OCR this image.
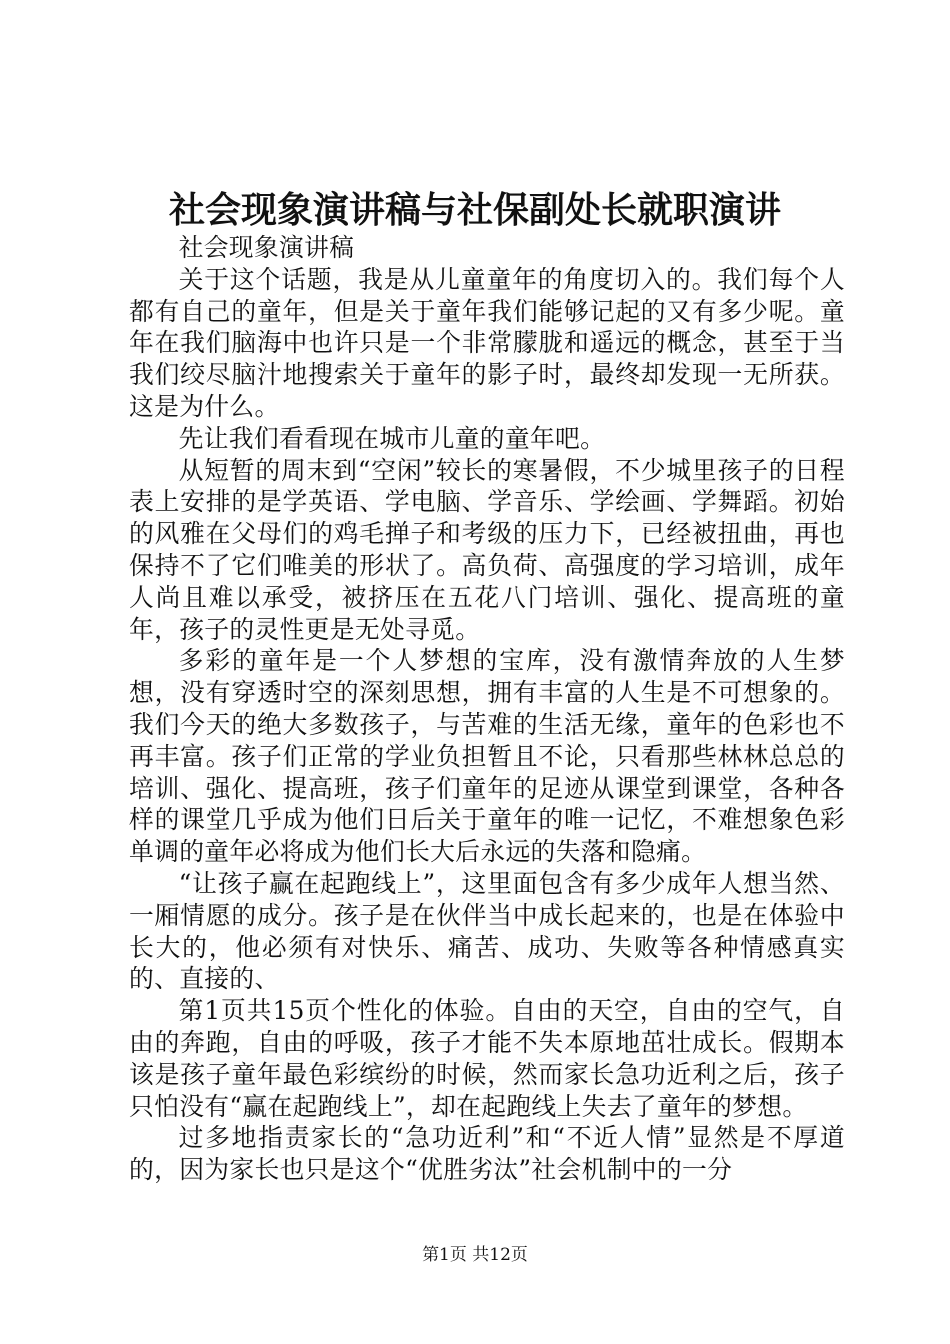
社会现象演讲稿与社保副处长就职演讲

社会现象演讲稿

关于这个话题，我是从儿童童年的角度切入的。我们每个人都有自己的童年，但是关于童年我们能够记起的又有多少呢。童年在我们脑海中也许只是一个非常朦胧和遥远的概念，甚至于当我们绞尽脑汁地搜索关于童年的影子时，最终却发现一无所获。这是为什么。

先让我们看看现在城市儿童的童年吧。

从短暂的周末到“空闲”较长的寒暑假，不少城里孩子的日程表上安排的是学英语、学电脑、学音乐、学绘画、学舞蹈。初始的风雅在父母们的鸡毛掸子和考级的压力下，已经被扭曲，再也保持不了它们唯美的形状了。高负荷、高强度的学习培训，成年人尚且难以承受，被挤压在五花八门培训、强化、提高班的童年，孩子的灵性更是无处寻觅。

多彩的童年是一个人梦想的宝库，没有激情奔放的人生梦想，没有穿透时空的深刻思想，拥有丰富的人生是不可想象的。我们今天的绝大多数孩子，与苦难的生活无缘，童年的色彩也不再丰富。孩子们正常的学业负担暂且不论，只看那些林林总总的培训、强化、提高班，孩子们童年的足迹从课堂到课堂，各种各样的课堂几乎成为他们日后关于童年的唯一记忆，不难想象色彩单调的童年必将成为他们长大后永远的失落和隐痛。

“让孩子赢在起跑线上”，这里面包含有多少成年人想当然、一厢情愿的成分。孩子是在伙伴当中成长起来的，也是在体验中长大的，他必须有对快乐、痛苦、成功、失败等各种情感真实的、直接的、

第1页共15页个性化的体验。自由的天空，自由的空气，自由的奔跑，自由的呼吸，孩子才能不失本原地茁壮成长。假期本该是孩子童年最色彩缤纷的时候，然而家长急功近利之后，孩子只怕没有“赢在起跑线上”，却在起跑线上失去了童年的梦想。

过多地指责家长的“急功近利”和“不近人情”显然是不厚道的，因为家长也只是这个“优胜劣汰”社会机制中的一分

第1页 共12页
